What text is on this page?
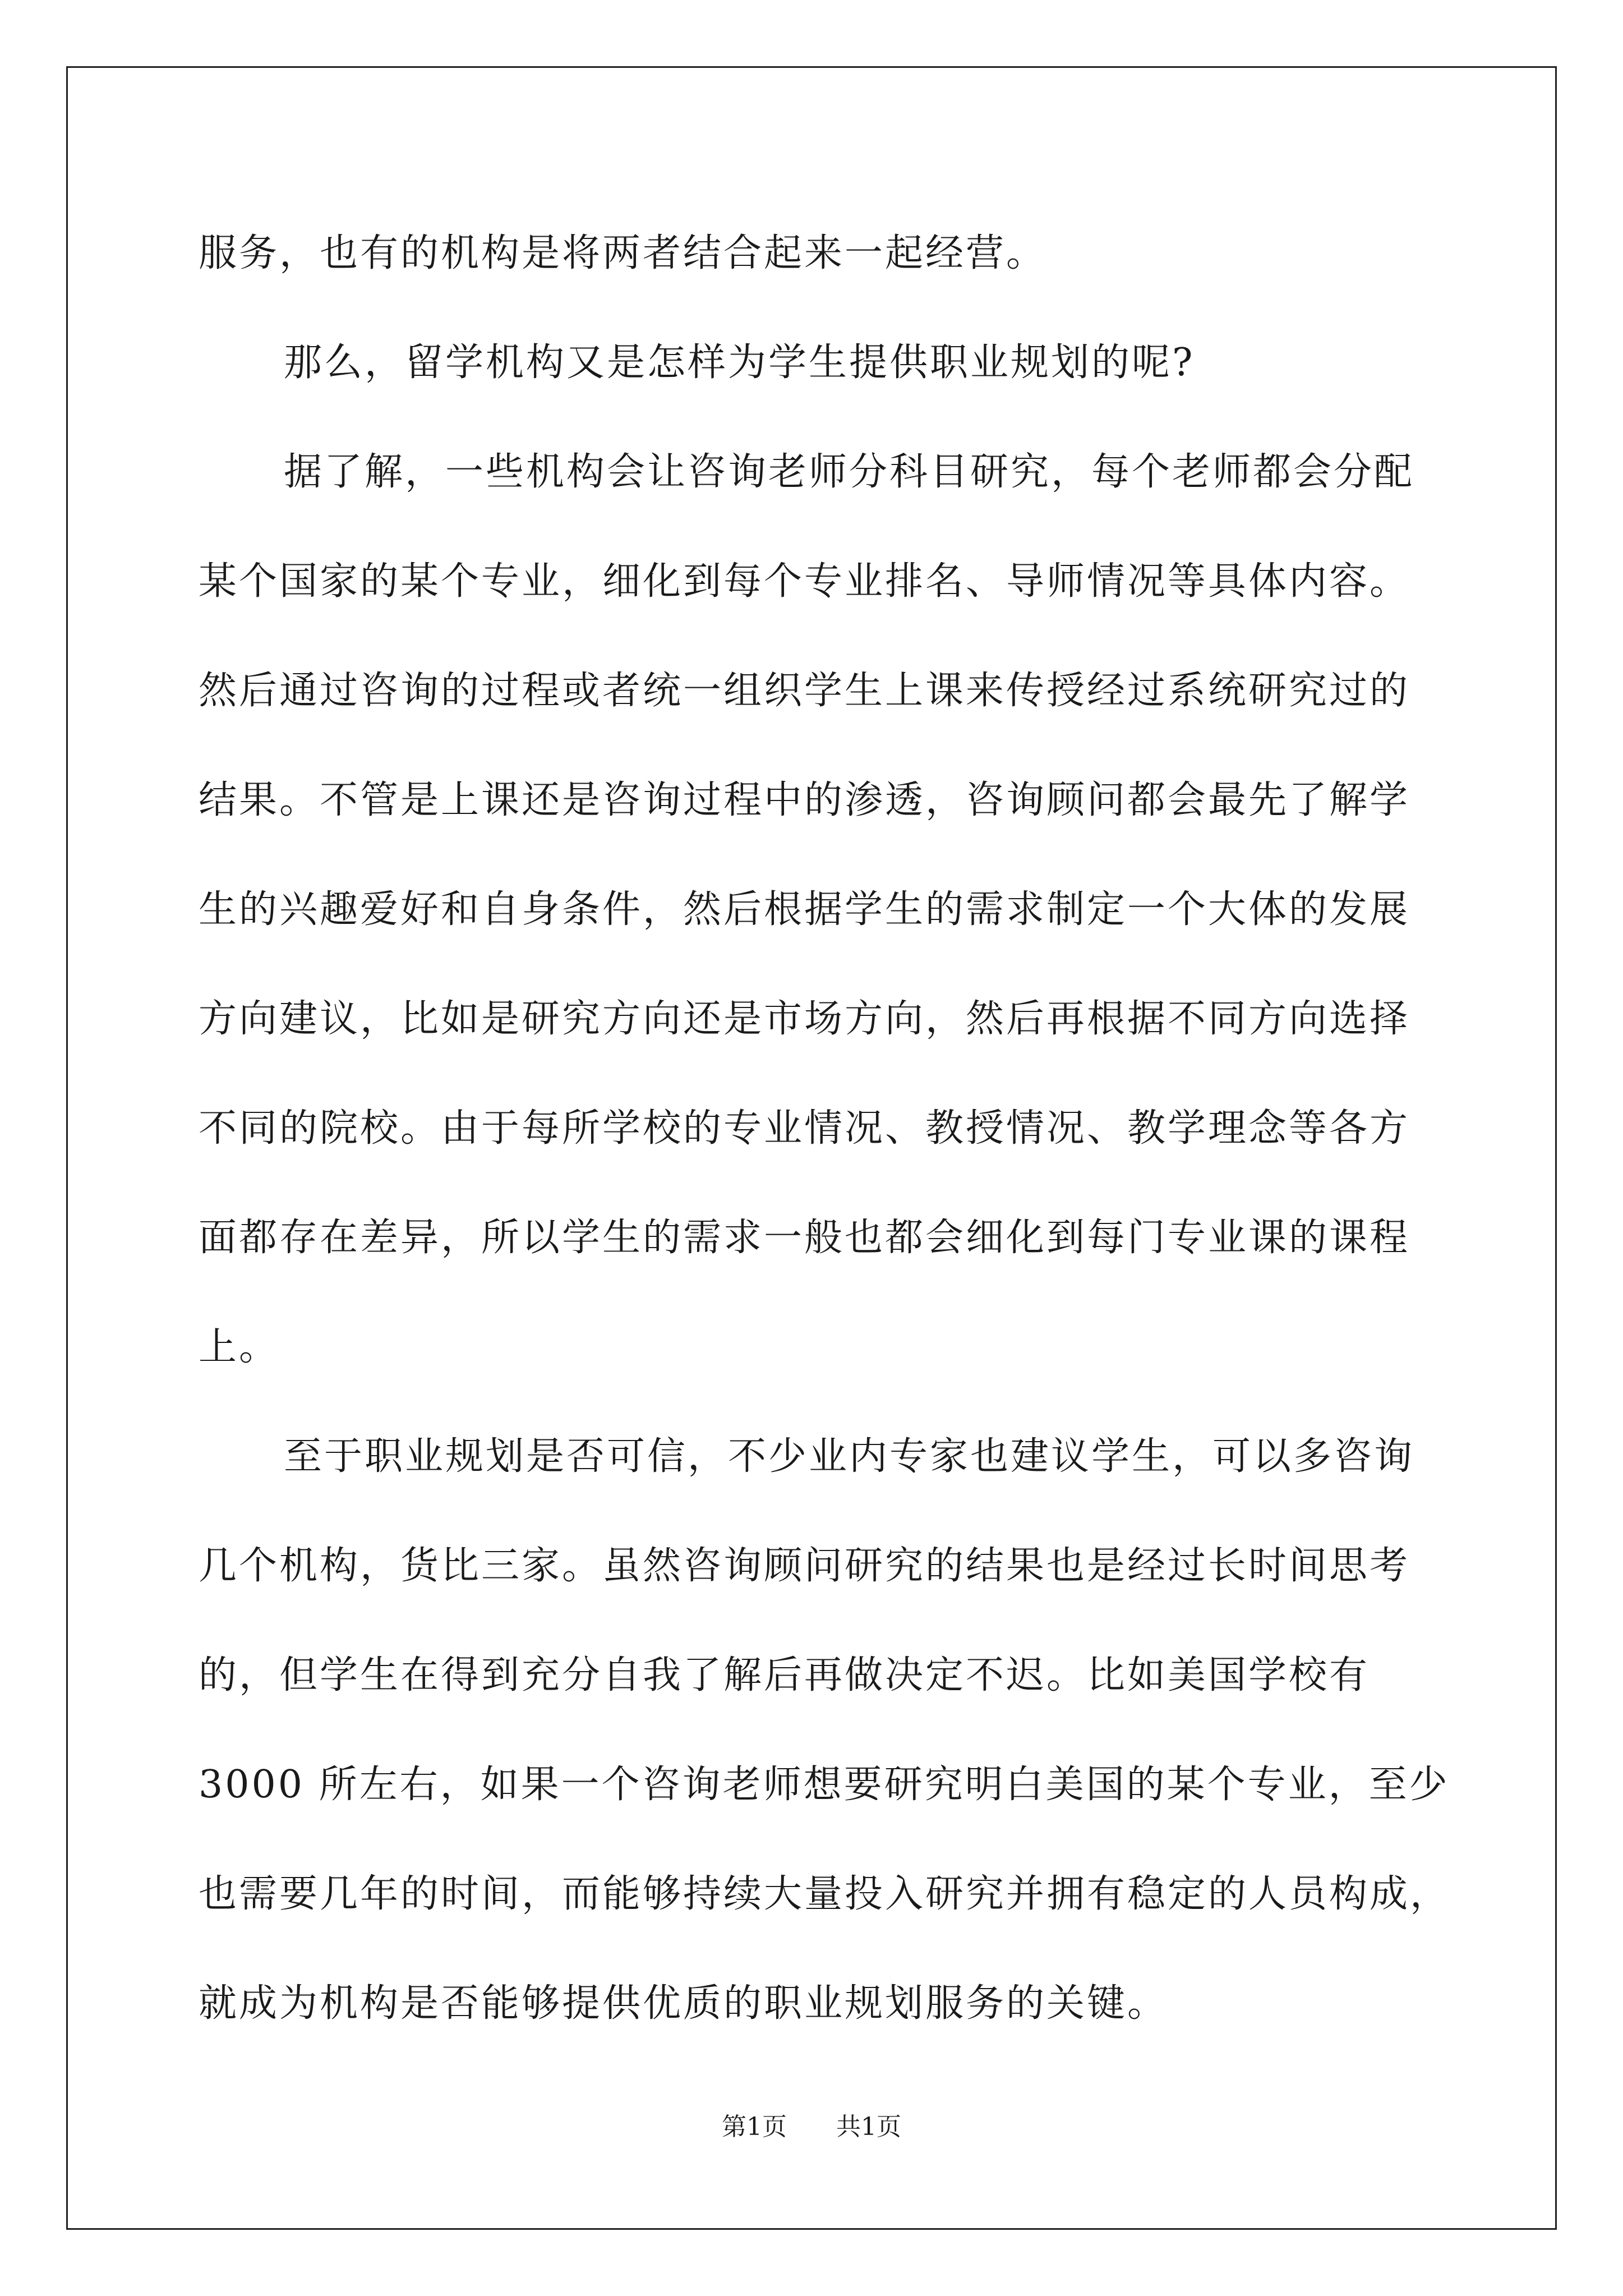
服务，也有的机构是将两者结合起来一起经营。
那么，留学机构又是怎样为学生提供职业规划的呢?
据了解，一些机构会让咨询老师分科目研究，每个老师都会分配
某个国家的某个专业，细化到每个专业排名、导师情况等具体内容。
然后通过咨询的过程或者统一组织学生上课来传授经过系统研究过的
结果。不管是上课还是咨询过程中的渗透，咨询顾问都会最先了解学
生的兴趣爱好和自身条件，然后根据学生的需求制定一个大体的发展
方向建议，比如是研究方向还是市场方向，然后再根据不同方向选择
不同的院校。由于每所学校的专业情况、教授情况、教学理念等各方
面都存在差异，所以学生的需求一般也都会细化到每门专业课的课程
上。
至于职业规划是否可信，不少业内专家也建议学生，可以多咨询
几个机构，货比三家。虽然咨询顾问研究的结果也是经过长时间思考
的，但学生在得到充分自我了解后再做决定不迟。比如美国学校有
3000 所左右，如果一个咨询老师想要研究明白美国的某个专业，至少
也需要几年的时间，而能够持续大量投入研究并拥有稳定的人员构成，
就成为机构是否能够提供优质的职业规划服务的关键。
第1页 共1页
